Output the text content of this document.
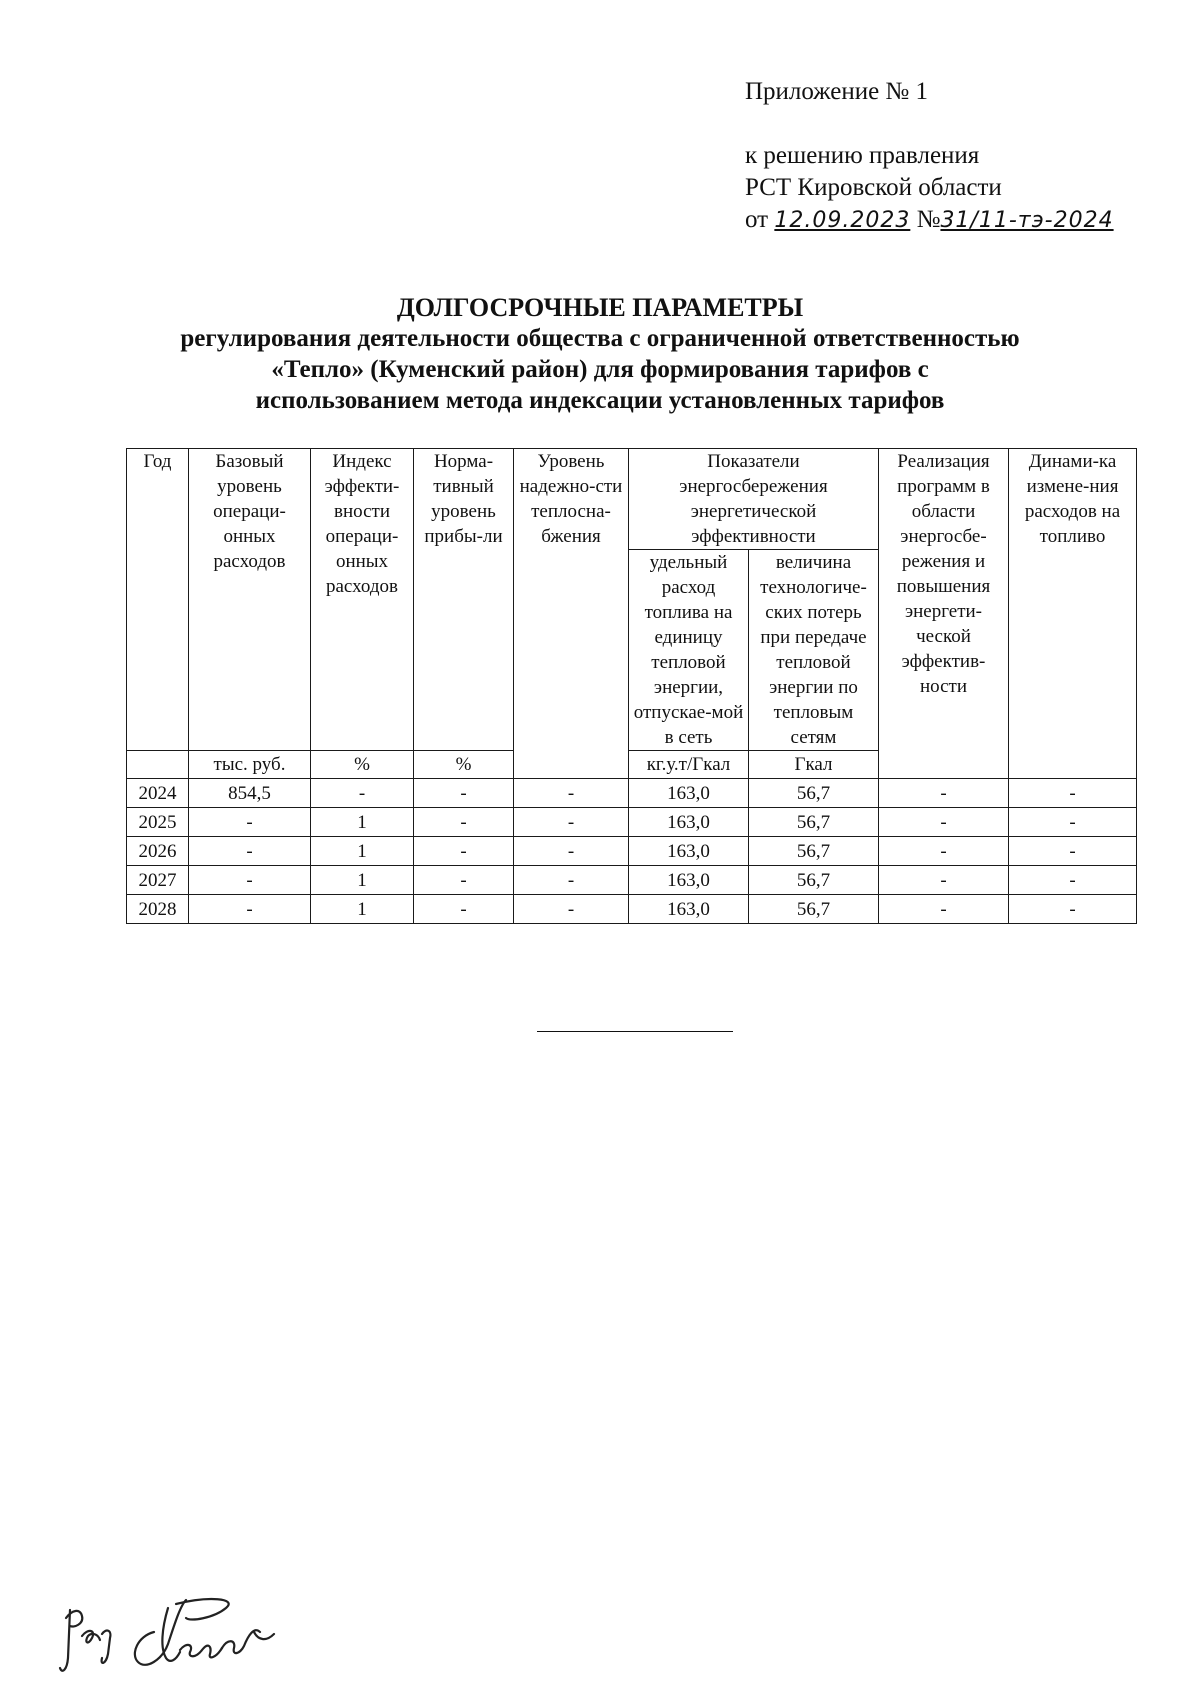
Приложение № 1
к решению правления
РСТ Кировской области
от 12.09.2023 №31/11-тэ-2024
ДОЛГОСРОЧНЫЕ ПАРАМЕТРЫ
регулирования деятельности общества с ограниченной ответственностью
«Тепло» (Куменский район) для формирования тарифов с
использованием метода индексации установленных тарифов
Год	Базовый уровень операци-онных расходов	Индекс эффекти-вности операци-онных расходов	Норма-тивный уровень прибы-ли	Уровень надежно-сти теплосна-бжения	Показатели энергосбережения энергетической эффективности		Реализация программ в области энергосбе-режения и повышения энергети-ческой эффектив-ности	Динами-ка измене-ния расходов на топливо
					удельный расход топлива на единицу тепловой энергии, отпускае-мой в сеть	величина технологиче-ских потерь при передаче тепловой энергии по тепловым сетям		
	тыс. руб.	%	%		кг.у.т/Гкал	Гкал		
2024	854,5	-	-	-	163,0	56,7	-	-
2025	-	1	-	-	163,0	56,7	-	-
2026	-	1	-	-	163,0	56,7	-	-
2027	-	1	-	-	163,0	56,7	-	-
2028	-	1	-	-	163,0	56,7	-	-
